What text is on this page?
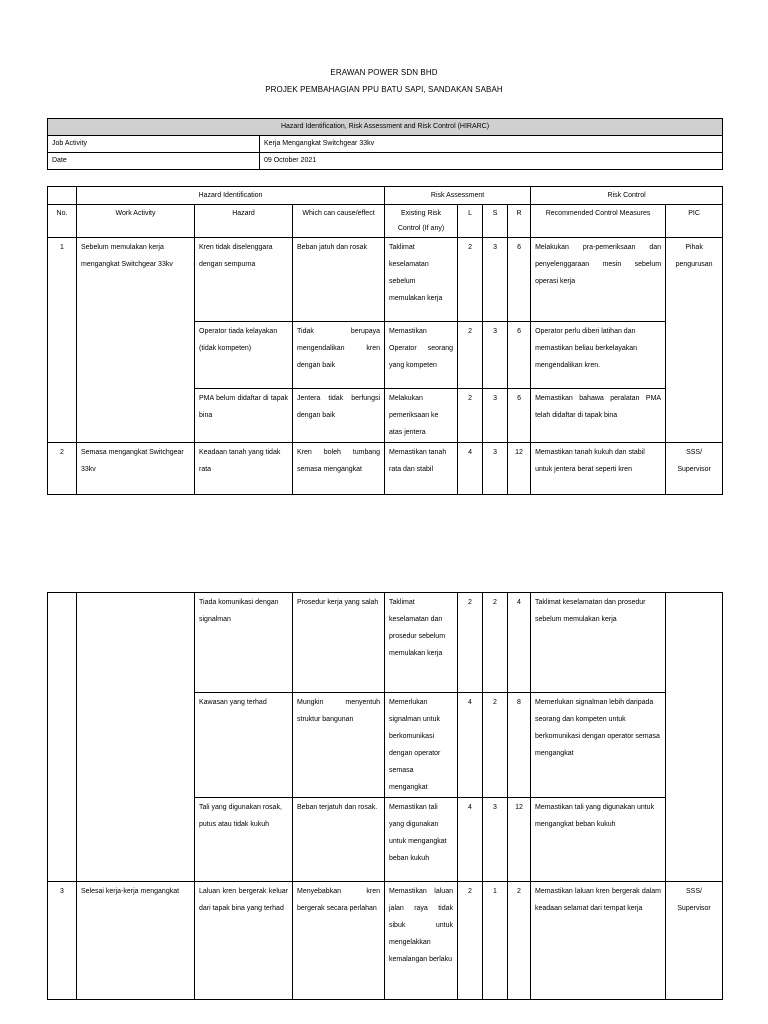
ERAWAN POWER SDN BHD
PROJEK PEMBAHAGIAN PPU BATU SAPI, SANDAKAN SABAH
Hazard Identification, Risk Assessment and Risk Control (HIRARC)	
Job Activity	Kerja Mengangkat Switchgear 33kv
Date	09 October 2021
	Hazard Identification			Risk Assessment				Risk Control	
No.	Work Activity	Hazard	Which can cause/effect	Existing Risk Control (If any)	L	S	R	Recommended Control Measures	PIC
1	Sebelum memulakan kerja mengangkat Switchgear 33kv	Kren tidak diselenggara dengan sempurna	Beban jatuh dan rosak	Taklimat keselamatan sebelum memulakan kerja	2	3	6	Melakukan pra-pemeriksaan dan penyelenggaraan mesin sebelum operasi kerja	Pihak pengurusan
		Operator tiada kelayakan (tidak kompeten)	Tidak berupaya mengendalikan kren dengan baik	Memastikan Operator seorang yang kompeten	2	3	6	Operator perlu diberi latihan dan memastikan beliau berkelayakan mengendalikan kren.	
		PMA belum didaftar di tapak bina	Jentera tidak berfungsi dengan baik	Melakukan pemeriksaan ke atas jentera	2	3	6	Memastikan bahawa peralatan PMA telah didaftar di tapak bina	
2	Semasa mengangkat Switchgear 33kv	Keadaan tanah yang tidak rata	Kren boleh tumbang semasa mengangkat	Memastikan tanah rata dan stabil	4	3	12	Memastikan tanah kukuh dan stabil untuk jentera berat seperti kren	SSS/ Supervisor
		Tiada komunikasi dengan signalman	Prosedur kerja yang salah	Taklimat keselamatan dan prosedur sebelum memulakan kerja	2	2	4	Taklimat keselamatan dan prosedur sebelum memulakan kerja	
		Kawasan yang terhad	Mungkin menyentuh struktur bangunan	Memerlukan signalman untuk berkomunikasi dengan operator semasa mengangkat	4	2	8	Memerlukan signalman lebih daripada seorang dan kompeten untuk berkomunikasi dengan operator semasa mengangkat	
		Tali yang digunakan rosak, putus atau tidak kukuh	Beban terjatuh dan rosak.	Memastikan tali yang digunakan untuk mengangkat beban kukuh	4	3	12	Memastikan tali yang digunakan untuk mengangkat beban kukuh	
3	Selesai kerja-kerja mengangkat	Laluan kren bergerak keluar dari tapak bina yang terhad	Menyebabkan kren bergerak secara perlahan	Memastikan laluan jalan raya tidak sibuk untuk mengelakkan kemalangan berlaku	2	1	2	Memastikan laluan kren bergerak dalam keadaan selamat dari tempat kerja	SSS/ Supervisor
